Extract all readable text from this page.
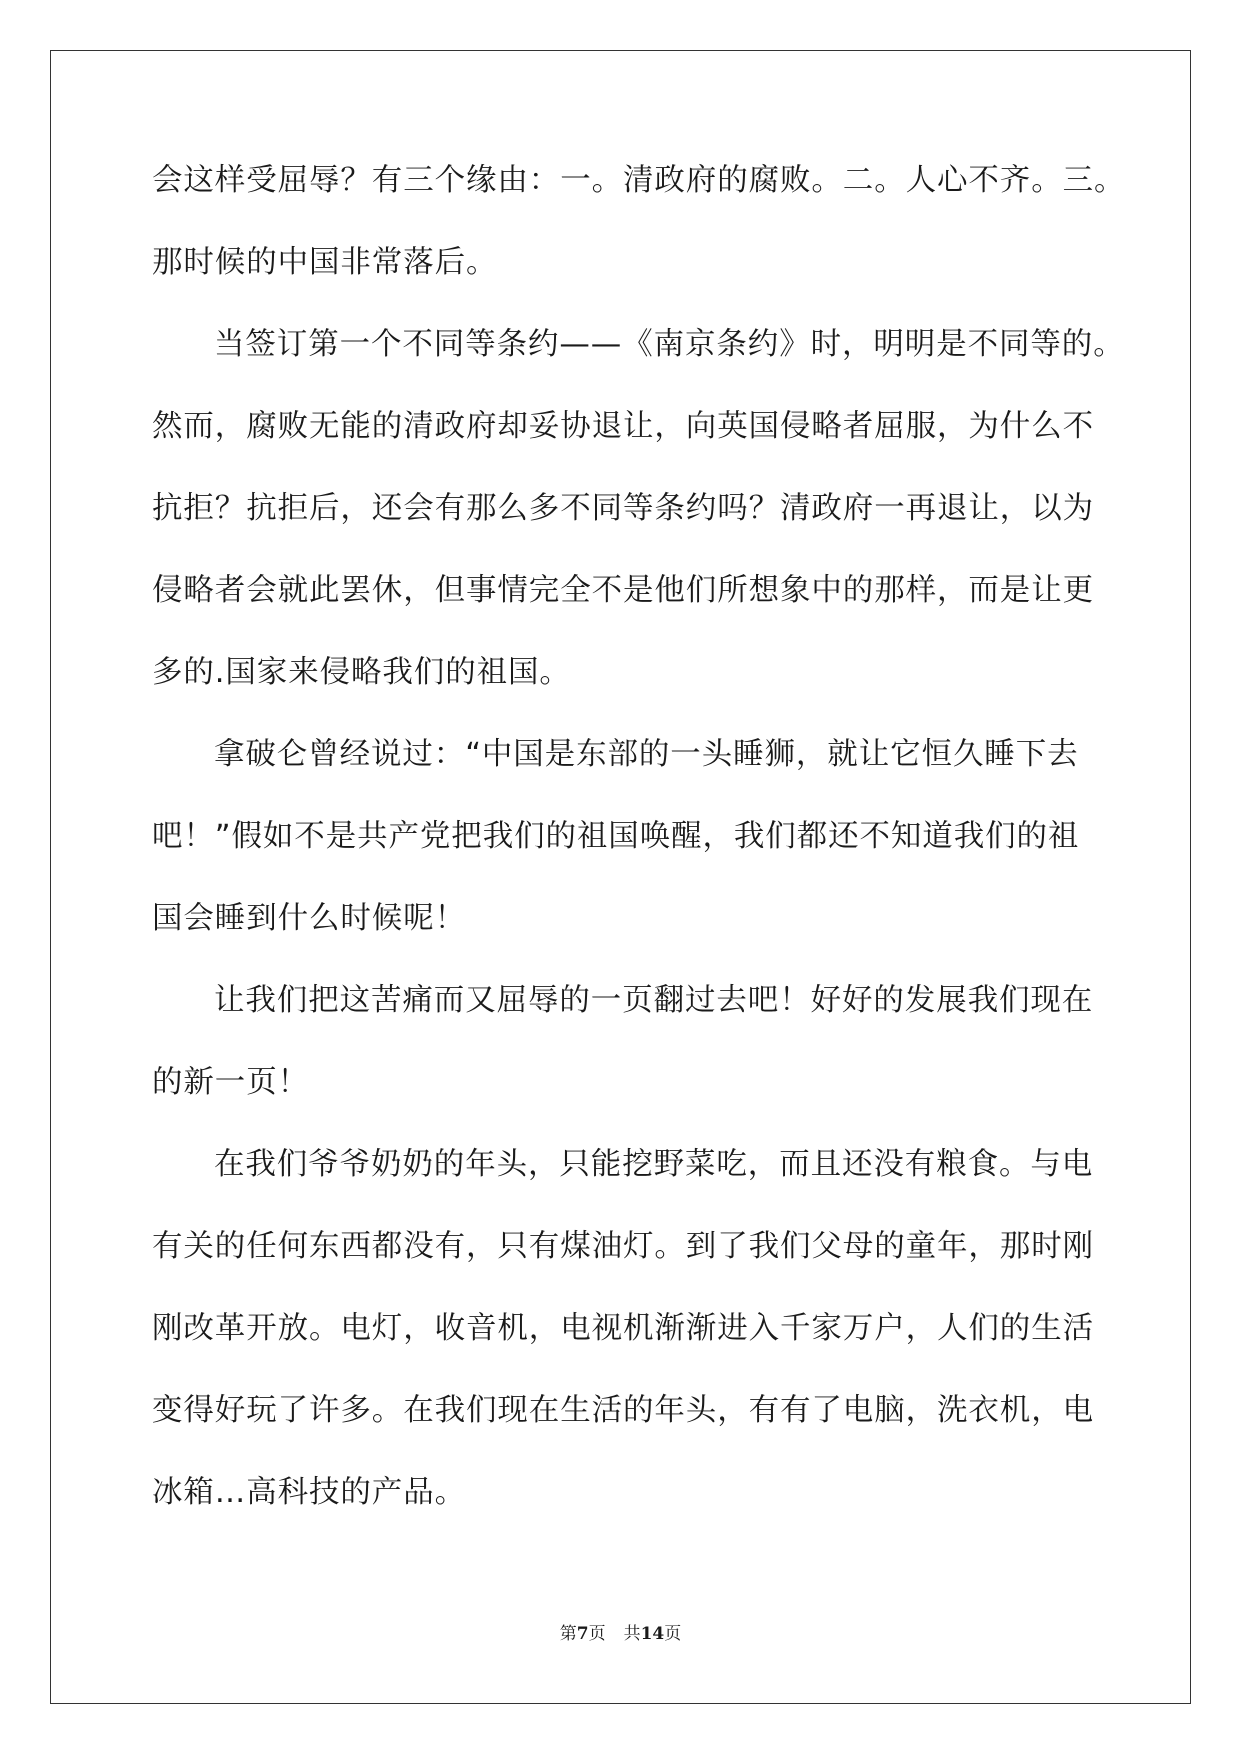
会这样受屈辱？有三个缘由：一。清政府的腐败。二。人心不齐。三。
那时候的中国非常落后。
当签订第一个不同等条约——《南京条约》时，明明是不同等的。
然而，腐败无能的清政府却妥协退让，向英国侵略者屈服，为什么不
抗拒？抗拒后，还会有那么多不同等条约吗？清政府一再退让，以为
侵略者会就此罢休，但事情完全不是他们所想象中的那样，而是让更
多的.国家来侵略我们的祖国。
拿破仑曾经说过：“中国是东部的一头睡狮，就让它恒久睡下去
吧！”假如不是共产党把我们的祖国唤醒，我们都还不知道我们的祖
国会睡到什么时候呢！
让我们把这苦痛而又屈辱的一页翻过去吧！好好的发展我们现在
的新一页！
在我们爷爷奶奶的年头，只能挖野菜吃，而且还没有粮食。与电
有关的任何东西都没有，只有煤油灯。到了我们父母的童年，那时刚
刚改革开放。电灯，收音机，电视机渐渐进入千家万户，人们的生活
变得好玩了许多。在我们现在生活的年头，有有了电脑，洗衣机，电
冰箱…高科技的产品。
第7页 共14页
